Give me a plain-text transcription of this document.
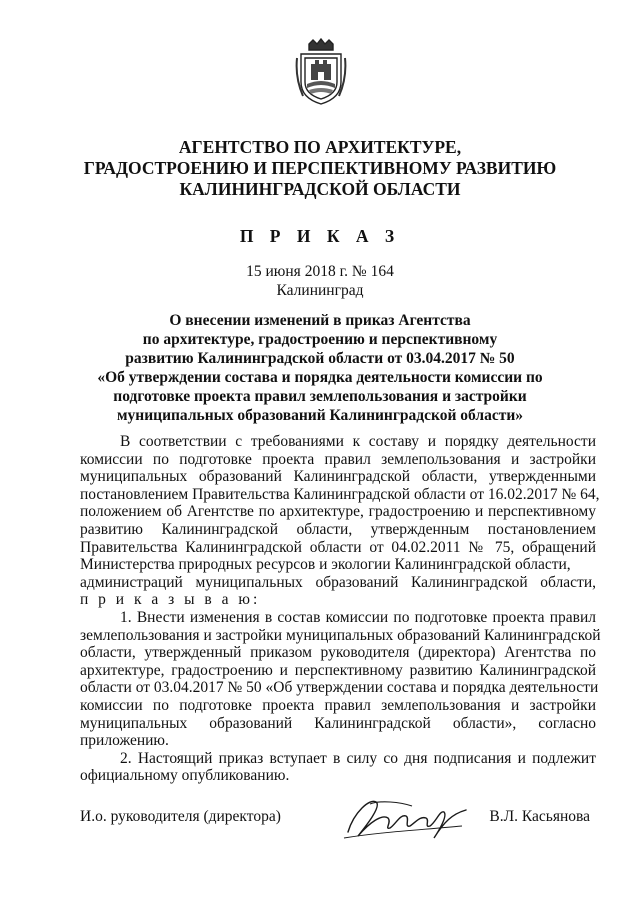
АГЕНТСТВО ПО АРХИТЕКТУРЕ,
ГРАДОСТРОЕНИЮ И ПЕРСПЕКТИВНОМУ РАЗВИТИЮ
КАЛИНИНГРАДСКОЙ ОБЛАСТИ
П Р И К А З
15 июня 2018 г. № 164
Калининград
О внесении изменений в приказ Агентства
по архитектуре, градостроению и перспективному
развитию Калининградской области от 03.04.2017 № 50
«Об утверждении состава и порядка деятельности комиссии по
подготовке проекта правил землепользования и застройки
муниципальных образований Калининградской области»
В соответствии с требованиями к составу и порядку деятельности
комиссии по подготовке проекта правил землепользования и застройки
муниципальных образований Калининградской области, утвержденными
постановлением Правительства Калининградской области от 16.02.2017 № 64,
положением об Агентстве по архитектуре, градостроению и перспективному
развитию Калининградской области, утвержденным постановлением
Правительства Калининградской области от 04.02.2011 № 75, обращений
Министерства природных ресурсов и экологии Калининградской области,
администраций муниципальных образований Калининградской области,
п р и к а з ы в а ю:
1. Внести изменения в состав комиссии по подготовке проекта правил
землепользования и застройки муниципальных образований Калининградской
области, утвержденный приказом руководителя (директора) Агентства по
архитектуре, градостроению и перспективному развитию Калининградской
области от 03.04.2017 № 50 «Об утверждении состава и порядка деятельности
комиссии по подготовке проекта правил землепользования и застройки
муниципальных образований Калининградской области», согласно
приложению.
2. Настоящий приказ вступает в силу со дня подписания и подлежит
официальному опубликованию.
И.о. руководителя (директора)	В.Л. Касьянова
